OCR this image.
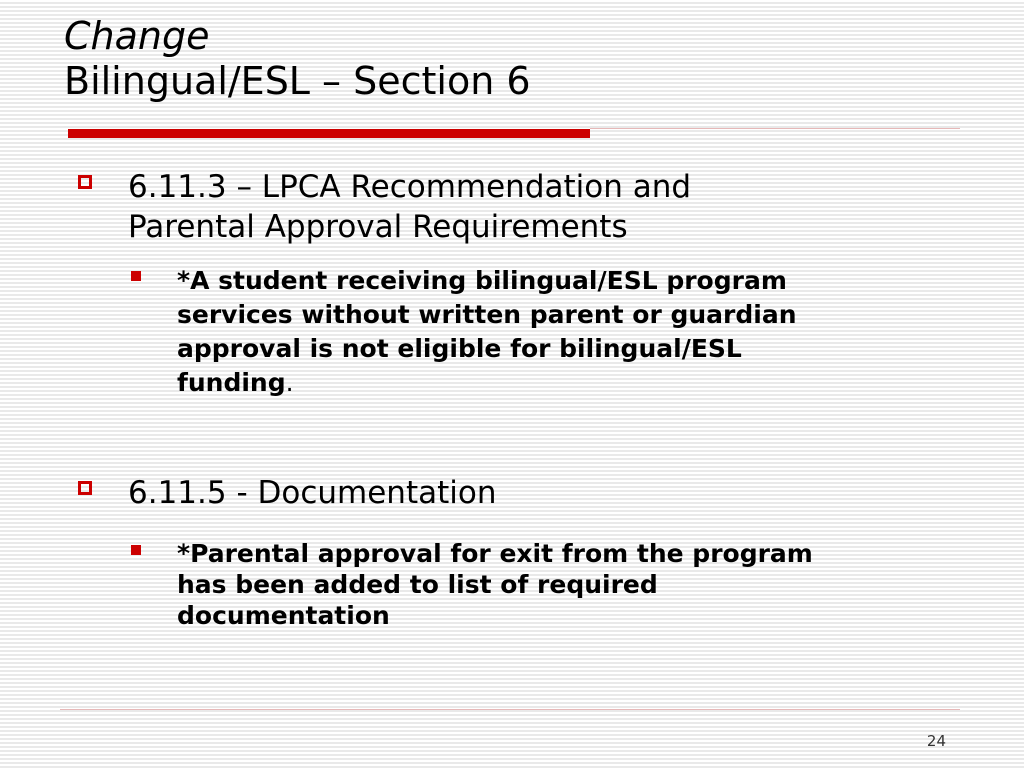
Change
Bilingual/ESL – Section 6
6.11.3 – LPCA Recommendation and
Parental Approval Requirements
*A student receiving bilingual/ESL program
services without written parent or guardian
approval is not eligible for bilingual/ESL
funding.
6.11.5 - Documentation
*Parental approval for exit from the program
has been added to list of required
documentation
24
